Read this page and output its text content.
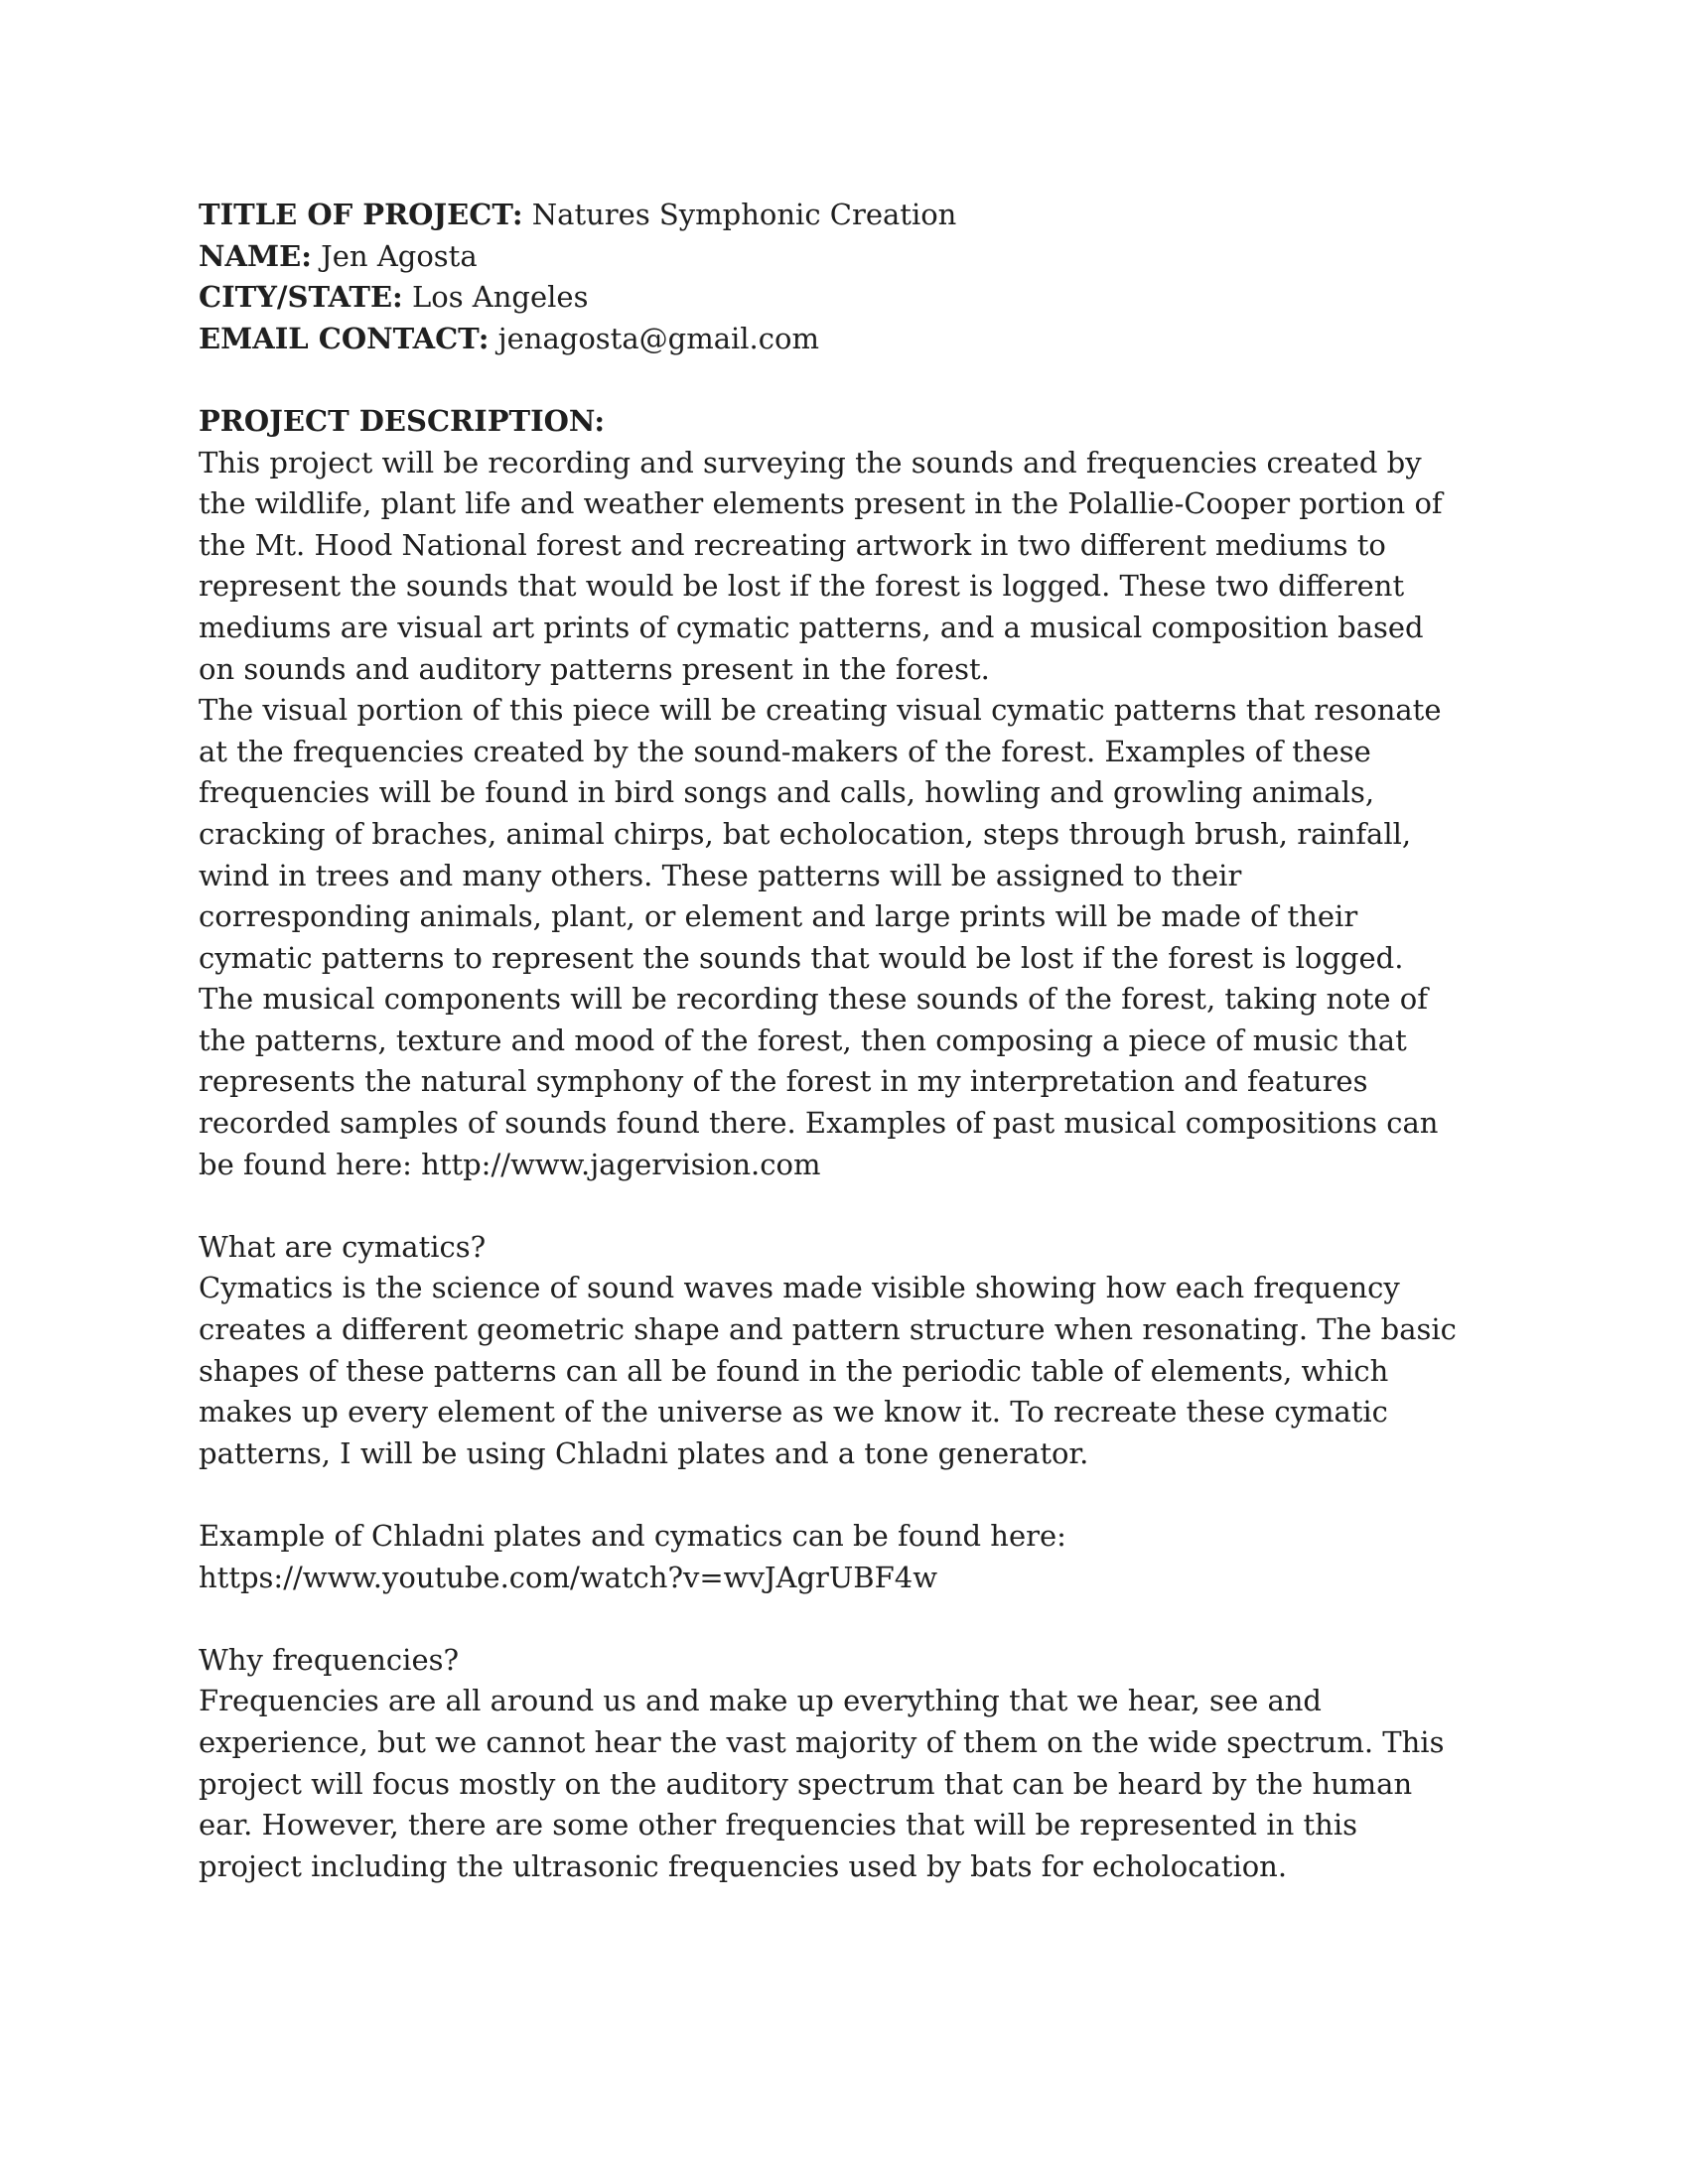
TITLE OF PROJECT: Natures Symphonic Creation
NAME: Jen Agosta
CITY/STATE: Los Angeles
EMAIL CONTACT: jenagosta@gmail.com
PROJECT DESCRIPTION:
This project will be recording and surveying the sounds and frequencies created by
the wildlife, plant life and weather elements present in the Polallie-Cooper portion of
the Mt. Hood National forest and recreating artwork in two different mediums to
represent the sounds that would be lost if the forest is logged. These two different
mediums are visual art prints of cymatic patterns, and a musical composition based
on sounds and auditory patterns present in the forest.
The visual portion of this piece will be creating visual cymatic patterns that resonate
at the frequencies created by the sound-makers of the forest. Examples of these
frequencies will be found in bird songs and calls, howling and growling animals,
cracking of braches, animal chirps, bat echolocation, steps through brush, rainfall,
wind in trees and many others. These patterns will be assigned to their
corresponding animals, plant, or element and large prints will be made of their
cymatic patterns to represent the sounds that would be lost if the forest is logged.
The musical components will be recording these sounds of the forest, taking note of
the patterns, texture and mood of the forest, then composing a piece of music that
represents the natural symphony of the forest in my interpretation and features
recorded samples of sounds found there. Examples of past musical compositions can
be found here: http://www.jagervision.com
What are cymatics?
Cymatics is the science of sound waves made visible showing how each frequency
creates a different geometric shape and pattern structure when resonating. The basic
shapes of these patterns can all be found in the periodic table of elements, which
makes up every element of the universe as we know it. To recreate these cymatic
patterns, I will be using Chladni plates and a tone generator.
Example of Chladni plates and cymatics can be found here:
https://www.youtube.com/watch?v=wvJAgrUBF4w
Why frequencies?
Frequencies are all around us and make up everything that we hear, see and
experience, but we cannot hear the vast majority of them on the wide spectrum. This
project will focus mostly on the auditory spectrum that can be heard by the human
ear. However, there are some other frequencies that will be represented in this
project including the ultrasonic frequencies used by bats for echolocation.
